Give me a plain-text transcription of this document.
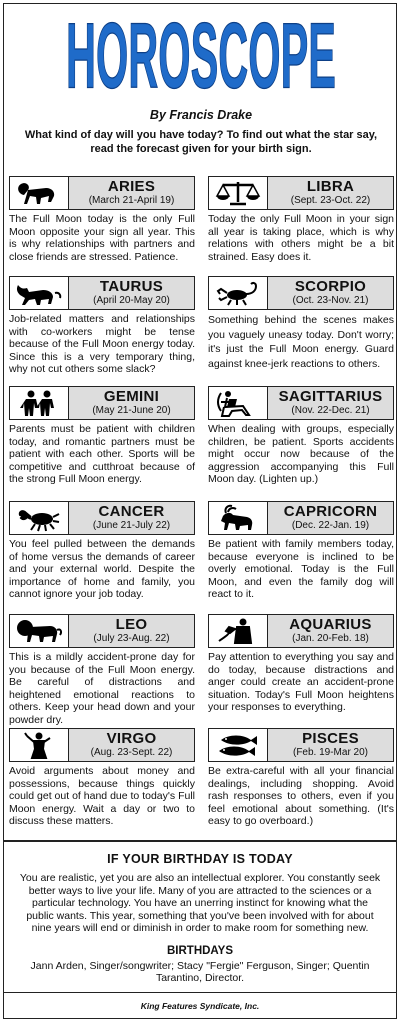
HOROSCOPE
By Francis Drake
What kind of day will you have today? To find out what the star say, read the forecast given for your birth sign.
ARIES
(March 21-April 19)
The Full Moon today is the only Full Moon opposite your sign all year. This is why relationships with partners and close friends are stressed. Patience.
TAURUS
(April 20-May 20)
Job-related matters and relationships with co-workers might be tense because of the Full Moon energy today. Since this is a very temporary thing, why not cut others some slack?
GEMINI
(May 21-June 20)
Parents must be patient with children today, and romantic partners must be patient with each other. Sports will be competitive and cutthroat because of the strong Full Moon energy.
CANCER
(June 21-July 22)
You feel pulled between the demands of home versus the demands of career and your external world. Despite the importance of home and family, you cannot ignore your job today.
LEO
(July 23-Aug. 22)
This is a mildly accident-prone day for you because of the Full Moon energy. Be careful of distractions and heightened emotional reactions to others. Keep your head down and your powder dry.
VIRGO
(Aug. 23-Sept. 22)
Avoid arguments about money and possessions, because things quickly could get out of hand due to today's Full Moon energy. Wait a day or two to discuss these matters.
LIBRA
(Sept. 23-Oct. 22)
Today the only Full Moon in your sign all year is taking place, which is why relations with others might be a bit strained. Easy does it.
SCORPIO
(Oct. 23-Nov. 21)
Something behind the scenes makes you vaguely uneasy today. Don't worry; it's just the Full Moon energy. Guard against knee-jerk reactions to others.
SAGITTARIUS
(Nov. 22-Dec. 21)
When dealing with groups, especially children, be patient. Sports accidents might occur now because of the aggression accompanying this Full Moon day. (Lighten up.)
CAPRICORN
(Dec. 22-Jan. 19)
Be patient with family members today, because everyone is inclined to be overly emotional. Today is the Full Moon, and even the family dog will react to it.
AQUARIUS
(Jan. 20-Feb. 18)
Pay attention to everything you say and do today, because distractions and anger could create an accident-prone situation. Today's Full Moon heightens your responses to everything.
PISCES
(Feb. 19-Mar 20)
Be extra-careful with all your financial dealings, including shopping. Avoid rash responses to others, even if you feel emotional about something. (It's easy to go overboard.)
IF YOUR BIRTHDAY IS TODAY

You are realistic, yet you are also an intellectual explorer. You constantly seek better ways to live your life. Many of you are attracted to the sciences or a particular technology. You have an unerring instinct for knowing what the public wants. This year, something that you've been involved with for about nine years will end or diminish in order to make room for something new.

BIRTHDAYS

Jann Arden, Singer/songwriter; Stacy "Fergie" Ferguson, Singer; Quentin Tarantino, Director.

King Features Syndicate, Inc.
